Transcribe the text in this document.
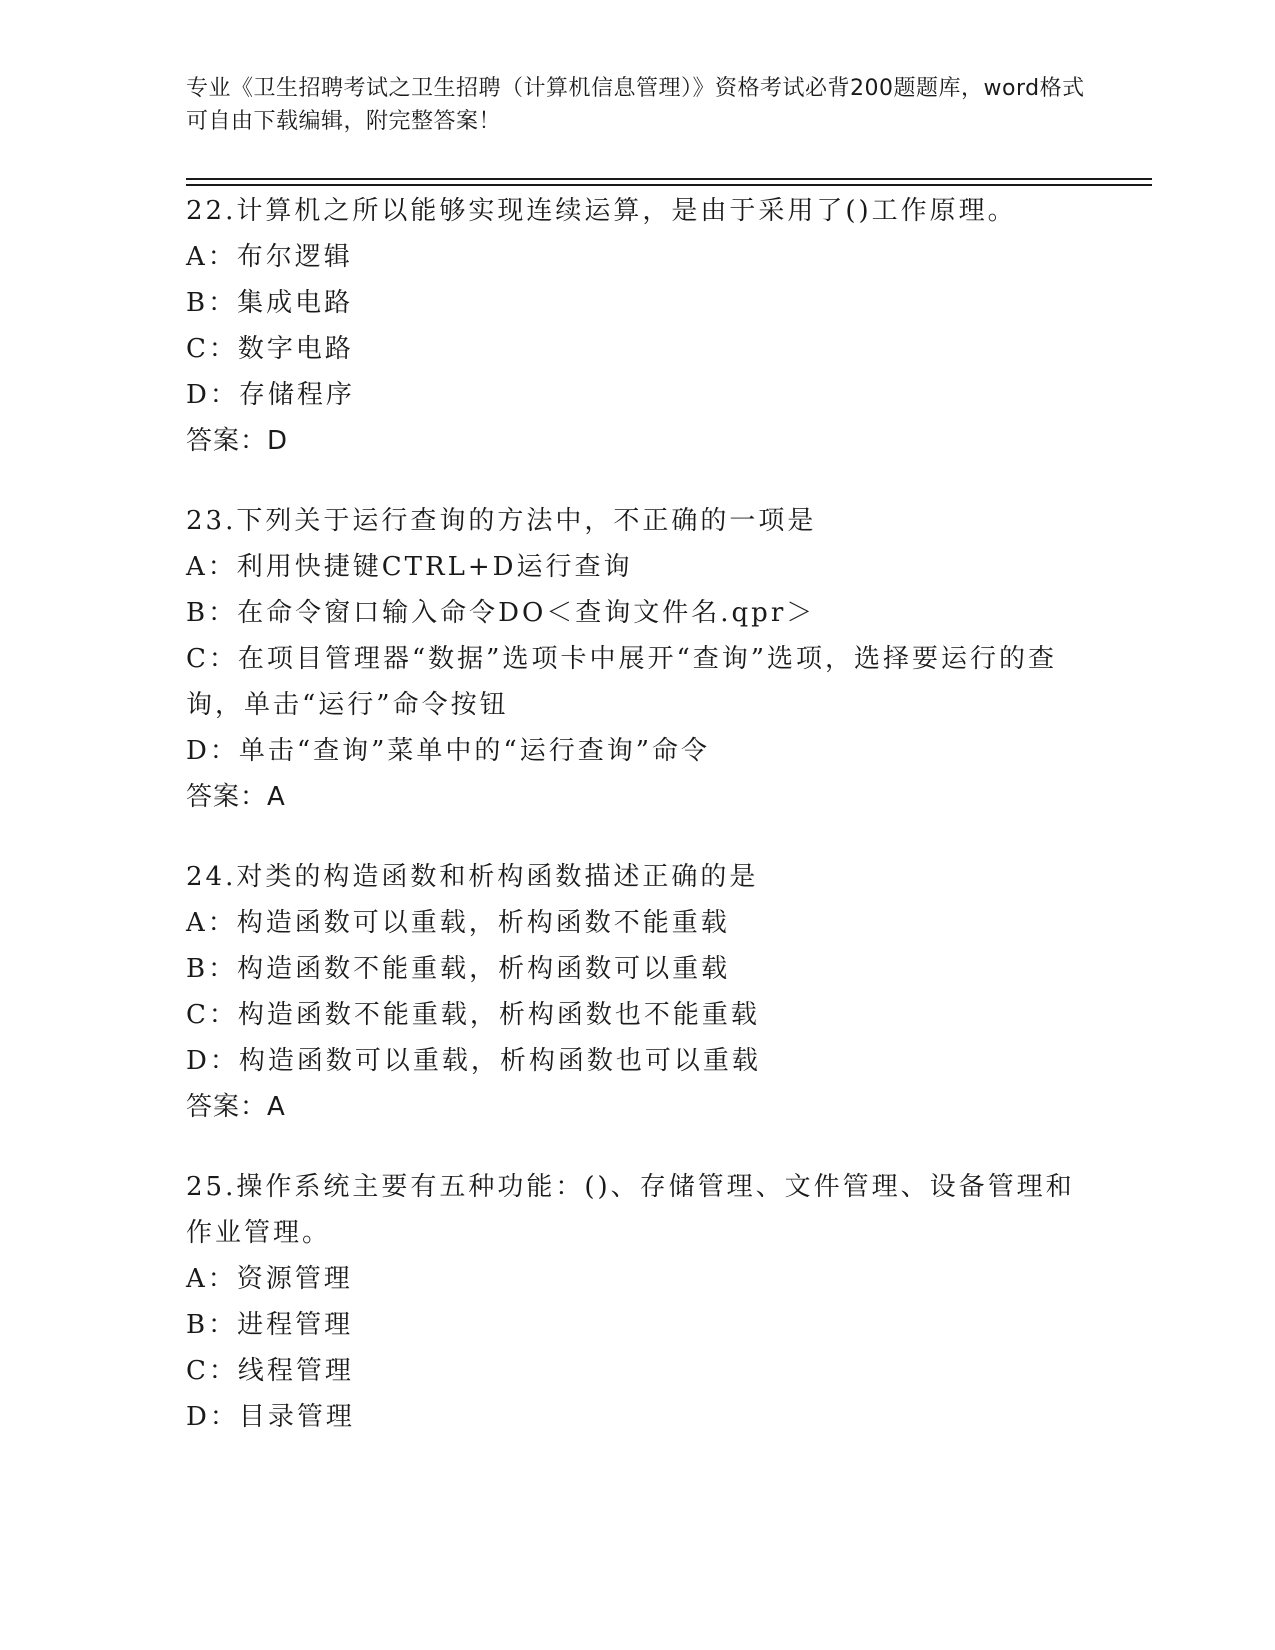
专业《卫生招聘考试之卫生招聘（计算机信息管理）》资格考试必背200题题库，word格式可自由下载编辑，附完整答案！
22.计算机之所以能够实现连续运算，是由于采用了()工作原理。
A：布尔逻辑
B：集成电路
C：数字电路
D：存储程序
答案：D
23.下列关于运行查询的方法中，不正确的一项是
A：利用快捷键CTRL+D运行查询
B：在命令窗口输入命令DO＜查询文件名.qpr＞
C：在项目管理器“数据”选项卡中展开“查询”选项，选择要运行的查询，单击“运行”命令按钮
D：单击“查询”菜单中的“运行查询”命令
答案：A
24.对类的构造函数和析构函数描述正确的是
A：构造函数可以重载，析构函数不能重载
B：构造函数不能重载，析构函数可以重载
C：构造函数不能重载，析构函数也不能重载
D：构造函数可以重载，析构函数也可以重载
答案：A
25.操作系统主要有五种功能：()、存储管理、文件管理、设备管理和作业管理。
A：资源管理
B：进程管理
C：线程管理
D：目录管理
